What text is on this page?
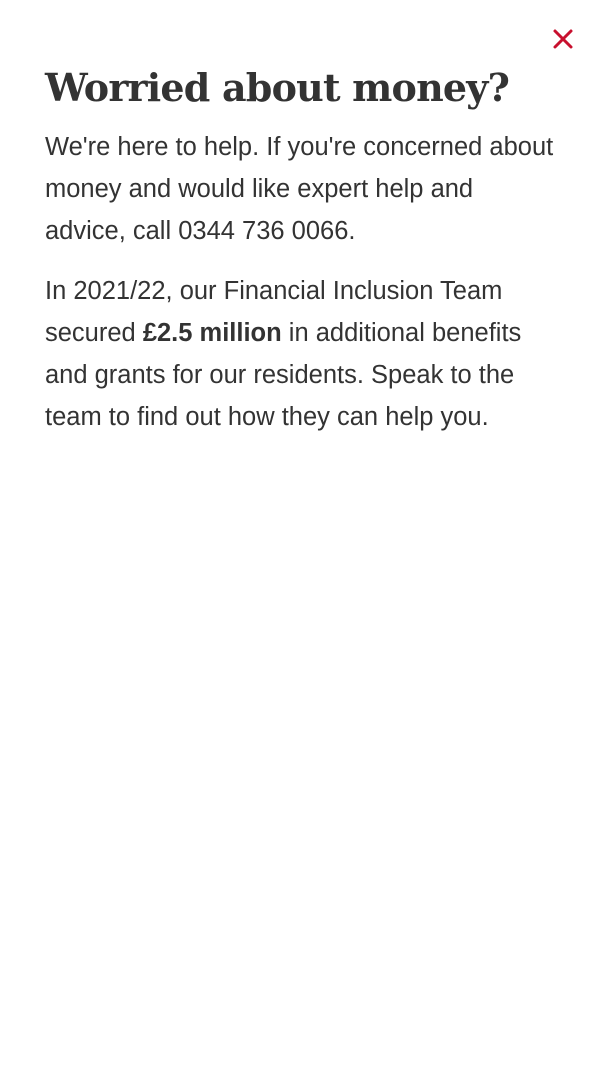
Worried about money?

We're here to help. If you're concerned about money and would like expert help and advice, call 0344 736 0066.

In 2021/22, our Financial Inclusion Team secured £2.5 million in additional benefits and grants for our residents. Speak to the team to find out how they can help you.
